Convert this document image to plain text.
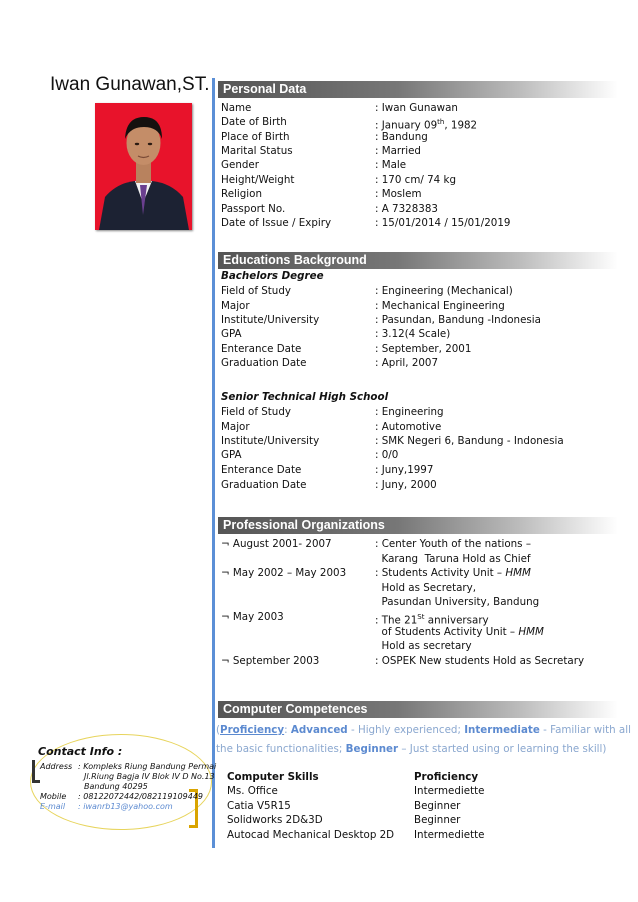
Iwan Gunawan,ST.	Personal Data
Name	: Iwan Gunawan
Date of Birth	: January 09th, 1982
Place of Birth	: Bandung
Marital Status	: Married
Gender	: Male
Height/Weight	: 170 cm/ 74 kg
Religion	: Moslem
Passport No.	: A 7328383
Date of Issue / Expiry	: 15/01/2014 / 15/01/2019
Educations Background
Bachelors Degree
Field of Study	: Engineering (Mechanical)
Major	: Mechanical Engineering
Institute/University	: Pasundan, Bandung -Indonesia
GPA	: 3.12(4 Scale)
Enterance Date	: September, 2001
Graduation Date	: April, 2007
Senior Technical High School
Field of Study	: Engineering
Major	: Automotive
Institute/University	: SMK Negeri 6, Bandung - Indonesia
GPA	: 0/0
Enterance Date	: Juny,1997
Graduation Date	: Juny, 2000
Professional Organizations
¬ August 2001- 2007	: Center Youth of the nations –
Karang  Taruna Hold as Chief
¬ May 2002 – May 2003	: Students Activity Unit – HMM
Hold as Secretary,
Pasundan University, Bandung
¬ May 2003	: The 21St anniversary
of Students Activity Unit – HMM
Hold as secretary
¬ September 2003	: OSPEK New students Hold as Secretary
Computer Competences
(Proficiency: Advanced - Highly experienced; Intermediate - Familiar with all
the basic functionalities; Beginner – Just started using or learning the skill)
Computer Skills	Proficiency
Ms. Office	Intermediette
Catia V5R15	Beginner
Solidworks 2D&3D	Beginner
Autocad Mechanical Desktop 2D Intermediette
Contact Info :
Address : Kompleks Riung Bandung Permai
Jl.Riung Bagja IV Blok IV D No.13
Bandung 40295
Mobile : 08122072442/082119109449
E-mail : iwanrb13@yahoo.com
